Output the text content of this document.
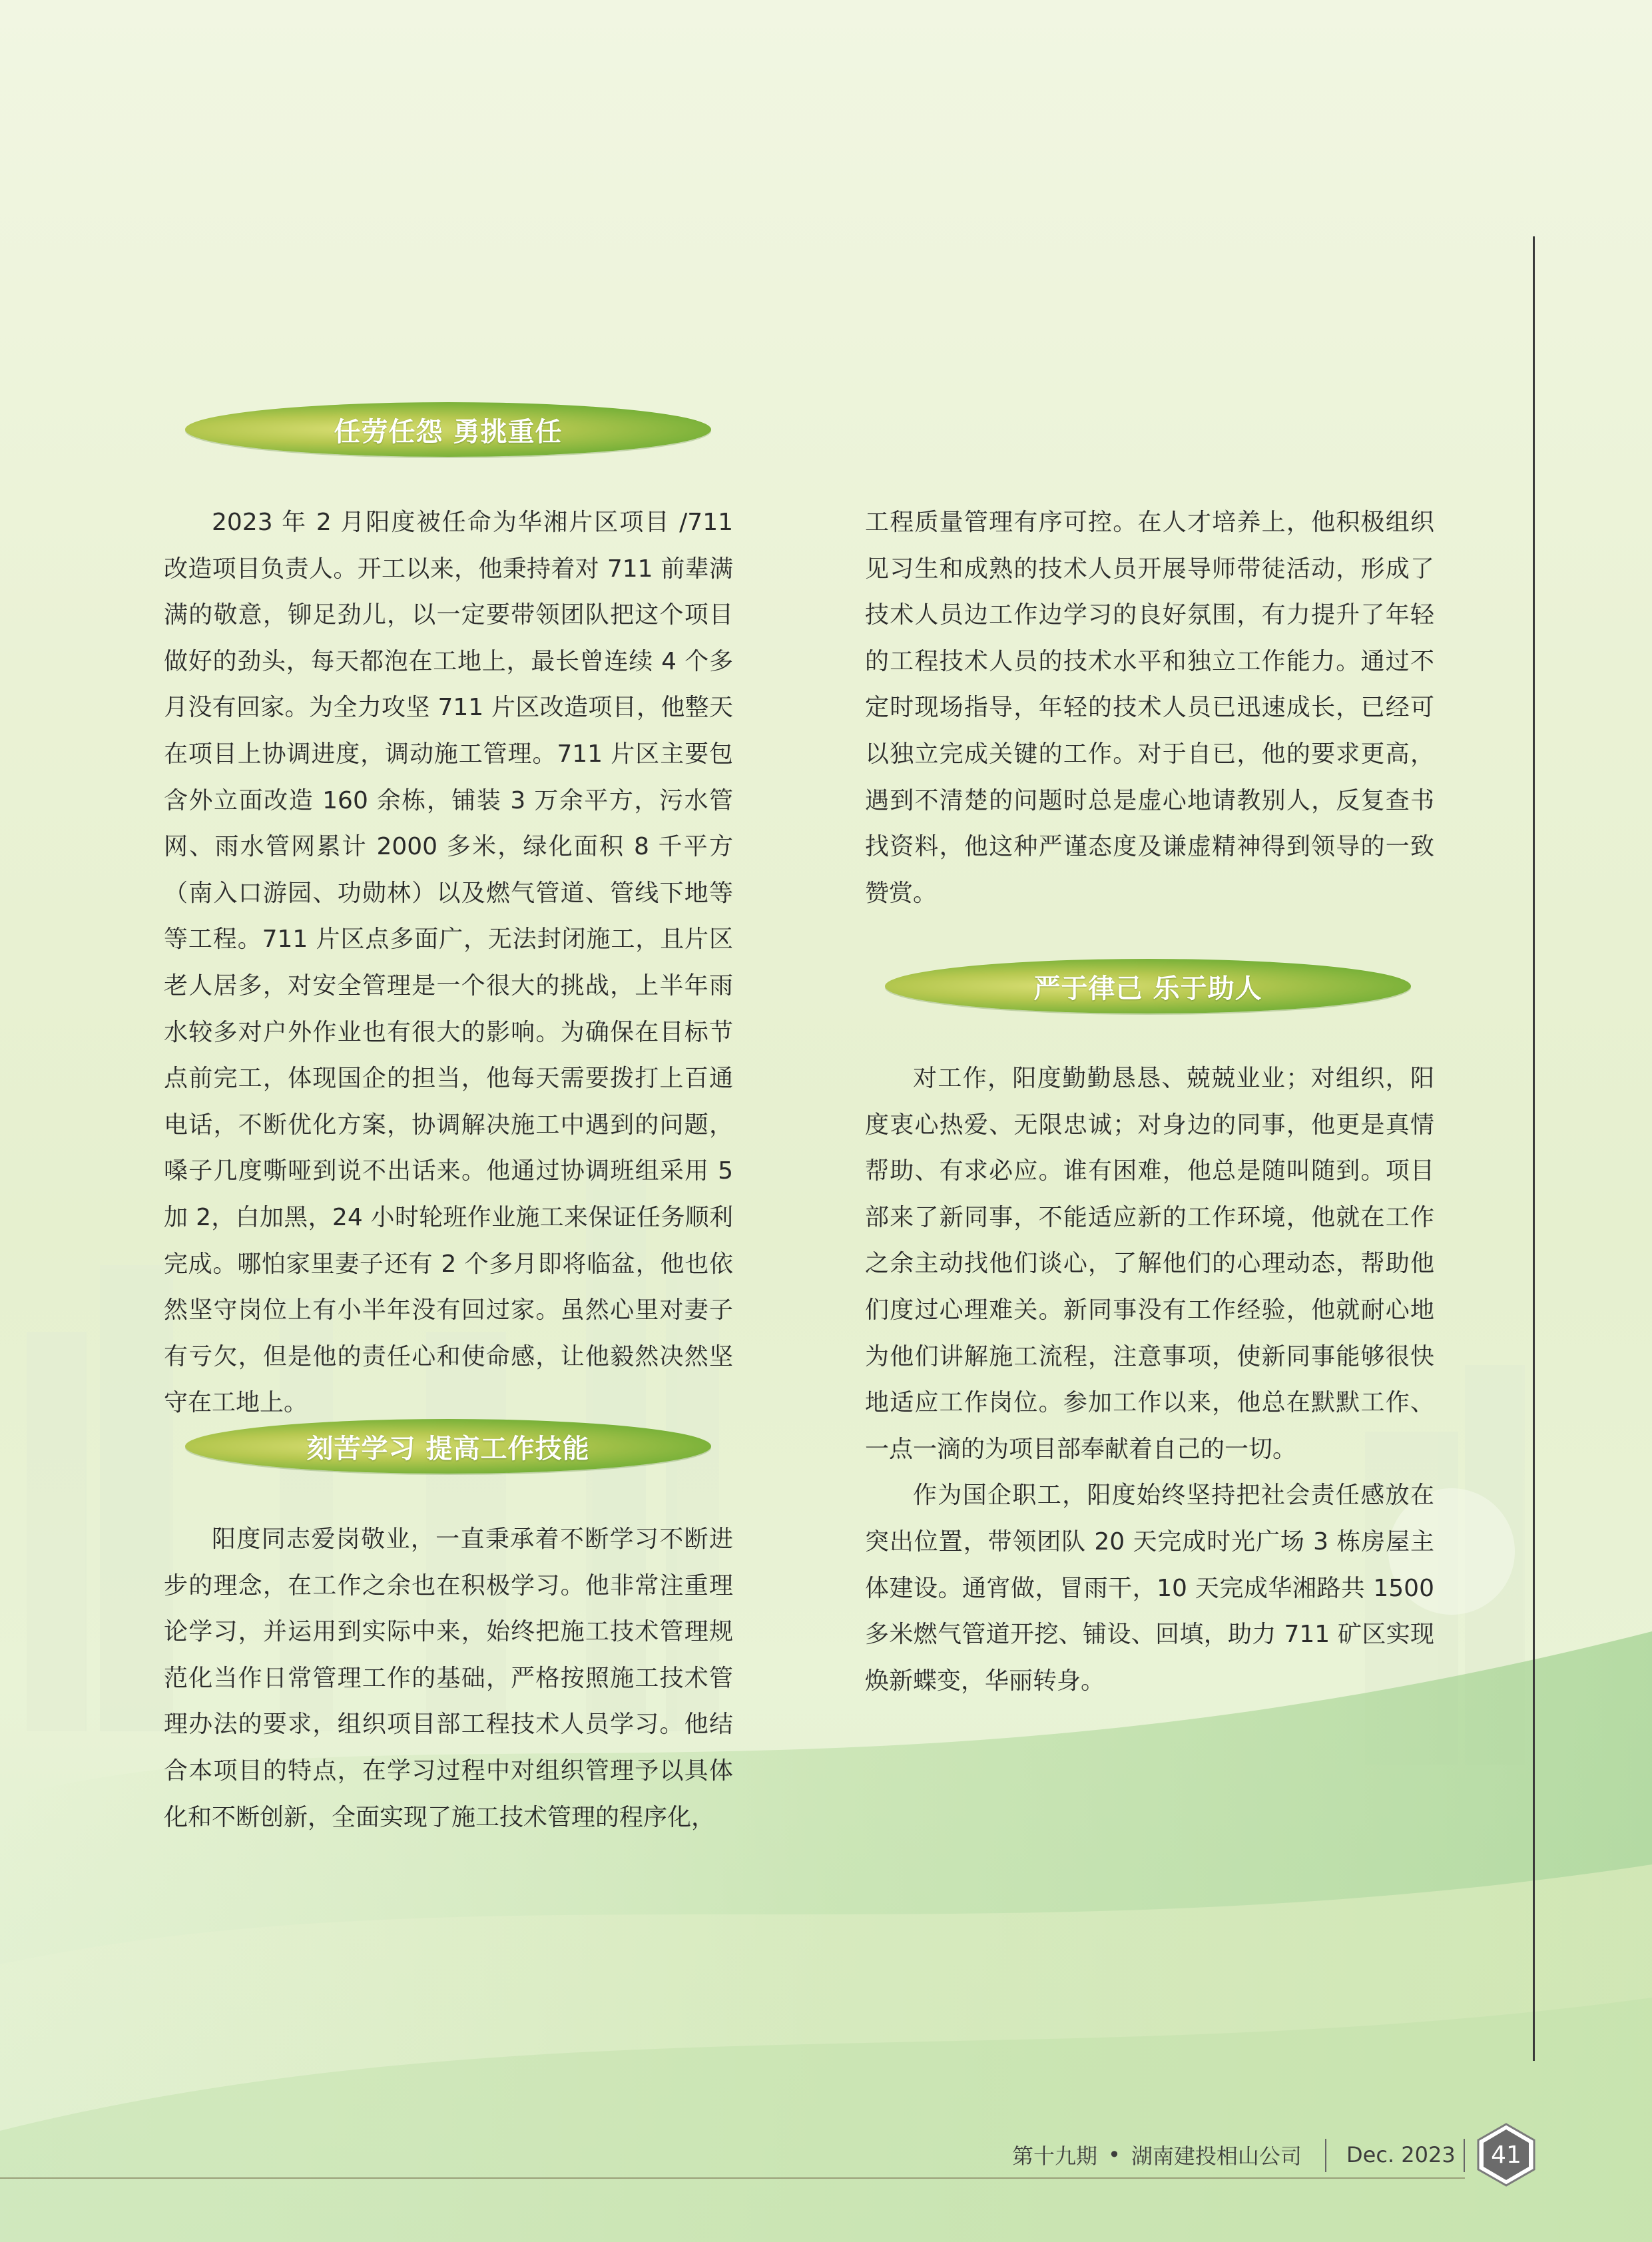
任劳任怨 勇挑重任

2023 年 2 月阳度被任命为华湘片区项目 /711 改造项目负责人。开工以来，他秉持着对 711 前辈满满的敬意，铆足劲儿，以一定要带领团队把这个项目做好的劲头，每天都泡在工地上，最长曾连续 4 个多月没有回家。为全力攻坚 711 片区改造项目，他整天在项目上协调进度，调动施工管理。711 片区主要包含外立面改造 160 余栋，铺装 3 万余平方，污水管网、雨水管网累计 2000 多米，绿化面积 8 千平方（南入口游园、功勋林）以及燃气管道、管线下地等等工程。711 片区点多面广，无法封闭施工，且片区老人居多，对安全管理是一个很大的挑战，上半年雨水较多对户外作业也有很大的影响。为确保在目标节点前完工，体现国企的担当，他每天需要拨打上百通电话，不断优化方案，协调解决施工中遇到的问题，嗓子几度嘶哑到说不出话来。他通过协调班组采用 5 加 2，白加黑，24 小时轮班作业施工来保证任务顺利完成。哪怕家里妻子还有 2 个多月即将临盆，他也依然坚守岗位上有小半年没有回过家。虽然心里对妻子有亏欠，但是他的责任心和使命感，让他毅然决然坚守在工地上。

刻苦学习 提高工作技能

阳度同志爱岗敬业，一直秉承着不断学习不断进步的理念，在工作之余也在积极学习。他非常注重理论学习，并运用到实际中来，始终把施工技术管理规范化当作日常管理工作的基础，严格按照施工技术管理办法的要求，组织项目部工程技术人员学习。他结合本项目的特点，在学习过程中对组织管理予以具体化和不断创新，全面实现了施工技术管理的程序化，

工程质量管理有序可控。在人才培养上，他积极组织见习生和成熟的技术人员开展导师带徒活动，形成了技术人员边工作边学习的良好氛围，有力提升了年轻的工程技术人员的技术水平和独立工作能力。通过不定时现场指导，年轻的技术人员已迅速成长，已经可以独立完成关键的工作。对于自已，他的要求更高，遇到不清楚的问题时总是虚心地请教别人，反复查书找资料，他这种严谨态度及谦虚精神得到领导的一致赞赏。

严于律己 乐于助人

对工作，阳度勤勤恳恳、兢兢业业；对组织，阳度衷心热爱、无限忠诚；对身边的同事，他更是真情帮助、有求必应。谁有困难，他总是随叫随到。项目部来了新同事，不能适应新的工作环境，他就在工作之余主动找他们谈心，了解他们的心理动态，帮助他们度过心理难关。新同事没有工作经验，他就耐心地为他们讲解施工流程，注意事项，使新同事能够很快地适应工作岗位。参加工作以来，他总在默默工作、一点一滴的为项目部奉献着自己的一切。

作为国企职工，阳度始终坚持把社会责任感放在突出位置，带领团队 20 天完成时光广场 3 栋房屋主体建设。通宵做，冒雨干，10 天完成华湘路共 1500 多米燃气管道开挖、铺设、回填，助力 711 矿区实现焕新蝶变，华丽转身。

第十九期 • 湖南建投相山公司 Dec. 2023	41
